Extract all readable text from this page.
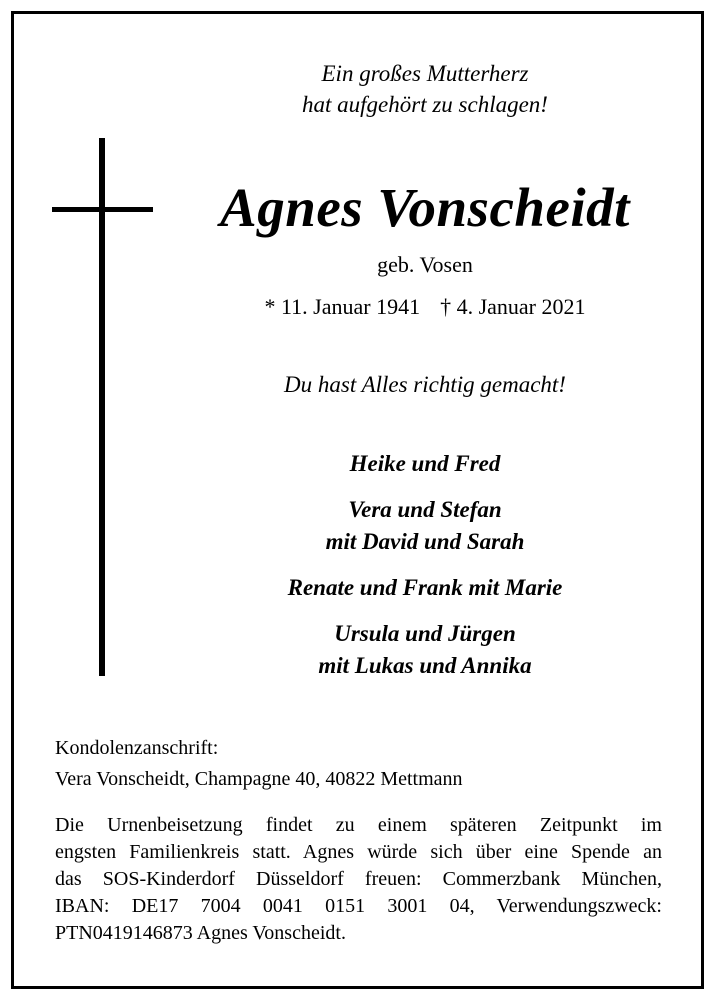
Ein großes Mutterherz
hat aufgehört zu schlagen!
Agnes Vonscheidt
geb. Vosen
* 11. Januar 1941 † 4. Januar 2021
Du hast Alles richtig gemacht!
Heike und Fred
Vera und Stefan
mit David und Sarah
Renate und Frank mit Marie
Ursula und Jürgen
mit Lukas und Annika
Kondolenzanschrift:
Vera Vonscheidt, Champagne 40, 40822 Mettmann
Die Urnenbeisetzung findet zu einem späteren Zeitpunkt im
engsten Familienkreis statt. Agnes würde sich über eine Spende an
das SOS-Kinderdorf Düsseldorf freuen: Commerzbank München,
IBAN: DE17 7004 0041 0151 3001 04, Verwendungszweck:
PTN0419146873 Agnes Vonscheidt.
